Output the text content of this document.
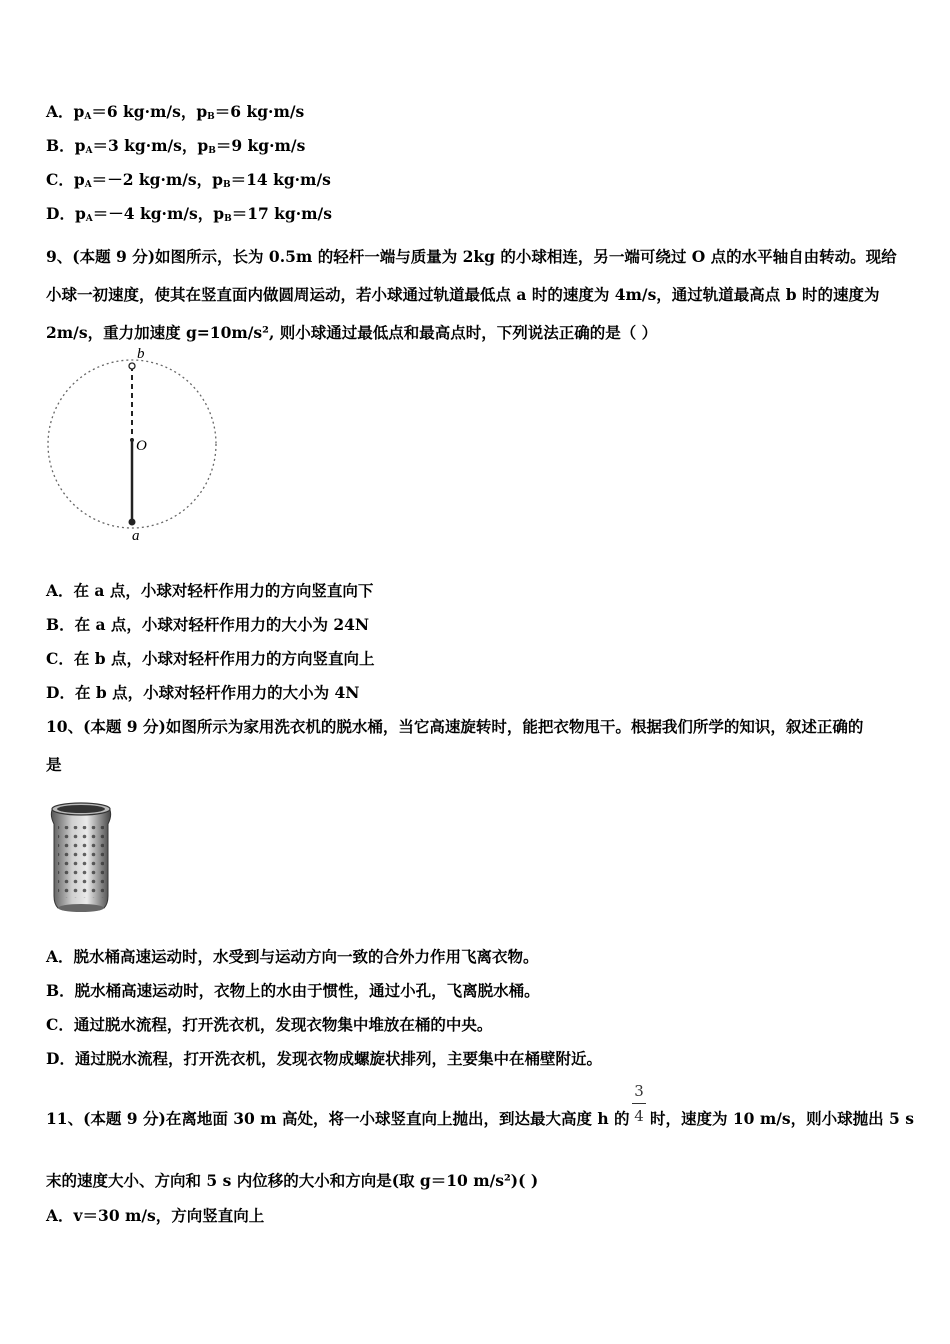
A．$p_A=6$ kg·m/s，$p_B=6$ kg·m/s
B．$p_A=3$ kg·m/s，$p_B=9$ kg·m/s
C．$p_A=-2$ kg·m/s，$p_B=14$ kg·m/s
D．$p_A=-4$ kg·m/s，$p_B=17$ kg·m/s
9、(本题 9 分)如图所示，长为 0.5m 的轻杆一端与质量为 2kg 的小球相连，另一端可绕过 O 点的水平轴自由转动。现给小球一初速度，使其在竖直面内做圆周运动，若小球通过轨道最低点 a 时的速度为 4m/s，通过轨道最高点 b 时的速度为 2m/s，重力加速度 g=10m/s², 则小球通过最低点和最高点时，下列说法正确的是（ ）
b
O
a
A．在 a 点，小球对轻杆作用力的方向竖直向下
B．在 a 点，小球对轻杆作用力的大小为 24N
C．在 b 点，小球对轻杆作用力的方向竖直向上
D．在 b 点，小球对轻杆作用力的大小为 4N
10、(本题 9 分)如图所示为家用洗衣机的脱水桶，当它高速旋转时，能把衣物甩干。根据我们所学的知识，叙述正确的
是
A．脱水桶高速运动时，水受到与运动方向一致的合外力作用飞离衣物。
B．脱水桶高速运动时，衣物上的水由于惯性，通过小孔，飞离脱水桶。
C．通过脱水流程，打开洗衣机，发现衣物集中堆放在桶的中央。
D．通过脱水流程，打开洗衣机，发现衣物成螺旋状排列，主要集中在桶壁附近。
11、(本题 9 分)在离地面 30 m 高处，将一小球竖直向上抛出，到达最大高度 h 的
3
4 时，速度为 10 m/s，则小球抛出 5 s
末的速度大小、方向和 5 s 内位移的大小和方向是(取 g＝10 m/s²)( )
A．v＝30 m/s，方向竖直向上
